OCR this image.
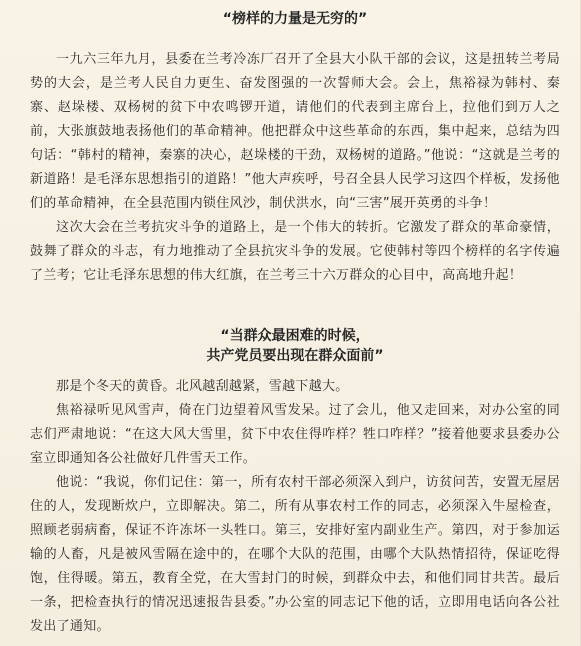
“榜样的力量是无穷的”

一九六三年九月，县委在兰考冷冻厂召开了全县大小队干部的会议，这是扭转兰考局势的大会，是兰考人民自力更生、奋发图强的一次誓师大会。会上，焦裕禄为韩村、秦寨、赵垛楼、双杨树的贫下中农鸣锣开道，请他们的代表到主席台上，拉他们到万人之前，大张旗鼓地表扬他们的革命精神。他把群众中这些革命的东西，集中起来，总结为四句话：“韩村的精神，秦寨的决心，赵垛楼的干劲，双杨树的道路。”他说：“这就是兰考的新道路！是毛泽东思想指引的道路！”他大声疾呼，号召全县人民学习这四个样板，发扬他们的革命精神，在全县范围内锁住风沙，制伏洪水，向“三害”展开英勇的斗争！

这次大会在兰考抗灾斗争的道路上，是一个伟大的转折。它激发了群众的革命豪情，鼓舞了群众的斗志，有力地推动了全县抗灾斗争的发展。它使韩村等四个榜样的名字传遍了兰考；它让毛泽东思想的伟大红旗，在兰考三十六万群众的心目中，高高地升起！

“当群众最困难的时候，
共产党员要出现在群众面前”

那是个冬天的黄昏。北风越刮越紧，雪越下越大。

焦裕禄听见风雪声，倚在门边望着风雪发呆。过了会儿，他又走回来，对办公室的同志们严肃地说：“在这大风大雪里，贫下中农住得咋样？牲口咋样？”接着他要求县委办公室立即通知各公社做好几件雪天工作。

他说：“我说，你们记住：第一，所有农村干部必须深入到户，访贫问苦，安置无屋居住的人，发现断炊户，立即解决。第二，所有从事农村工作的同志，必须深入牛屋检查，照顾老弱病畜，保证不许冻坏一头牲口。第三，安排好室内副业生产。第四，对于参加运输的人畜，凡是被风雪隔在途中的，在哪个大队的范围，由哪个大队热情招待，保证吃得饱，住得暖。第五，教育全党，在大雪封门的时候，到群众中去，和他们同甘共苦。最后一条，把检查执行的情况迅速报告县委。”办公室的同志记下他的话，立即用电话向各公社发出了通知。
